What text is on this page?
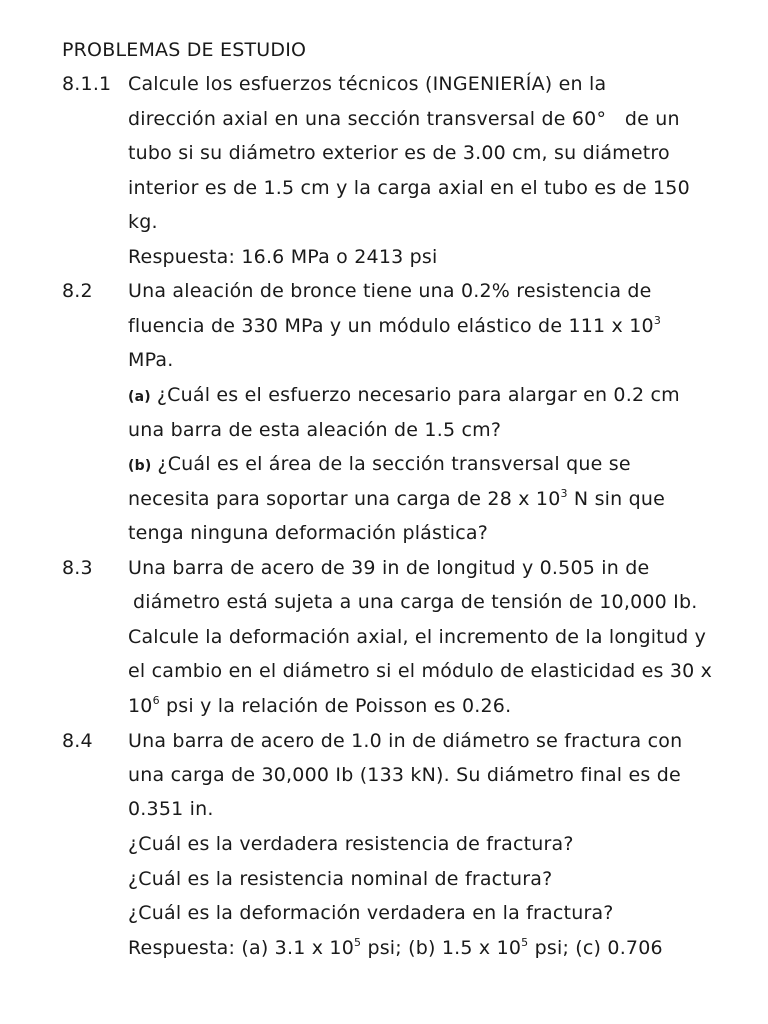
PROBLEMAS DE ESTUDIO
8.1.1 Calcule los esfuerzos técnicos (INGENIERÍA) en la
dirección axial en una sección transversal de 60°   de un
tubo si su diámetro exterior es de 3.00 cm, su diámetro
interior es de 1.5 cm y la carga axial en el tubo es de 150
kg.
Respuesta: 16.6 MPa o 2413 psi
8.2 Una aleación de bronce tiene una 0.2% resistencia de
fluencia de 330 MPa y un módulo elástico de 111 x $10^3$
MPa.
(a) ¿Cuál es el esfuerzo necesario para alargar en 0.2 cm
una barra de esta aleación de 1.5 cm?
(b) ¿Cuál es el área de la sección transversal que se
necesita para soportar una carga de 28 x $10^3$ N sin que
tenga ninguna deformación plástica?
8.3 Una barra de acero de 39 in de longitud y 0.505 in de
diámetro está sujeta a una carga de tensión de 10,000 Ib.
Calcule la deformación axial, el incremento de la longitud y
el cambio en el diámetro si el módulo de elasticidad es 30 x
$10^6$ psi y la relación de Poisson es 0.26.
8.4 Una barra de acero de 1.0 in de diámetro se fractura con
una carga de 30,000 Ib (133 kN). Su diámetro final es de
0.351 in.
¿Cuál es la verdadera resistencia de fractura?
¿Cuál es la resistencia nominal de fractura?
¿Cuál es la deformación verdadera en la fractura?
Respuesta: (a) 3.1 x $10^5$ psi; (b) 1.5 x $10^5$ psi; (c) 0.706
